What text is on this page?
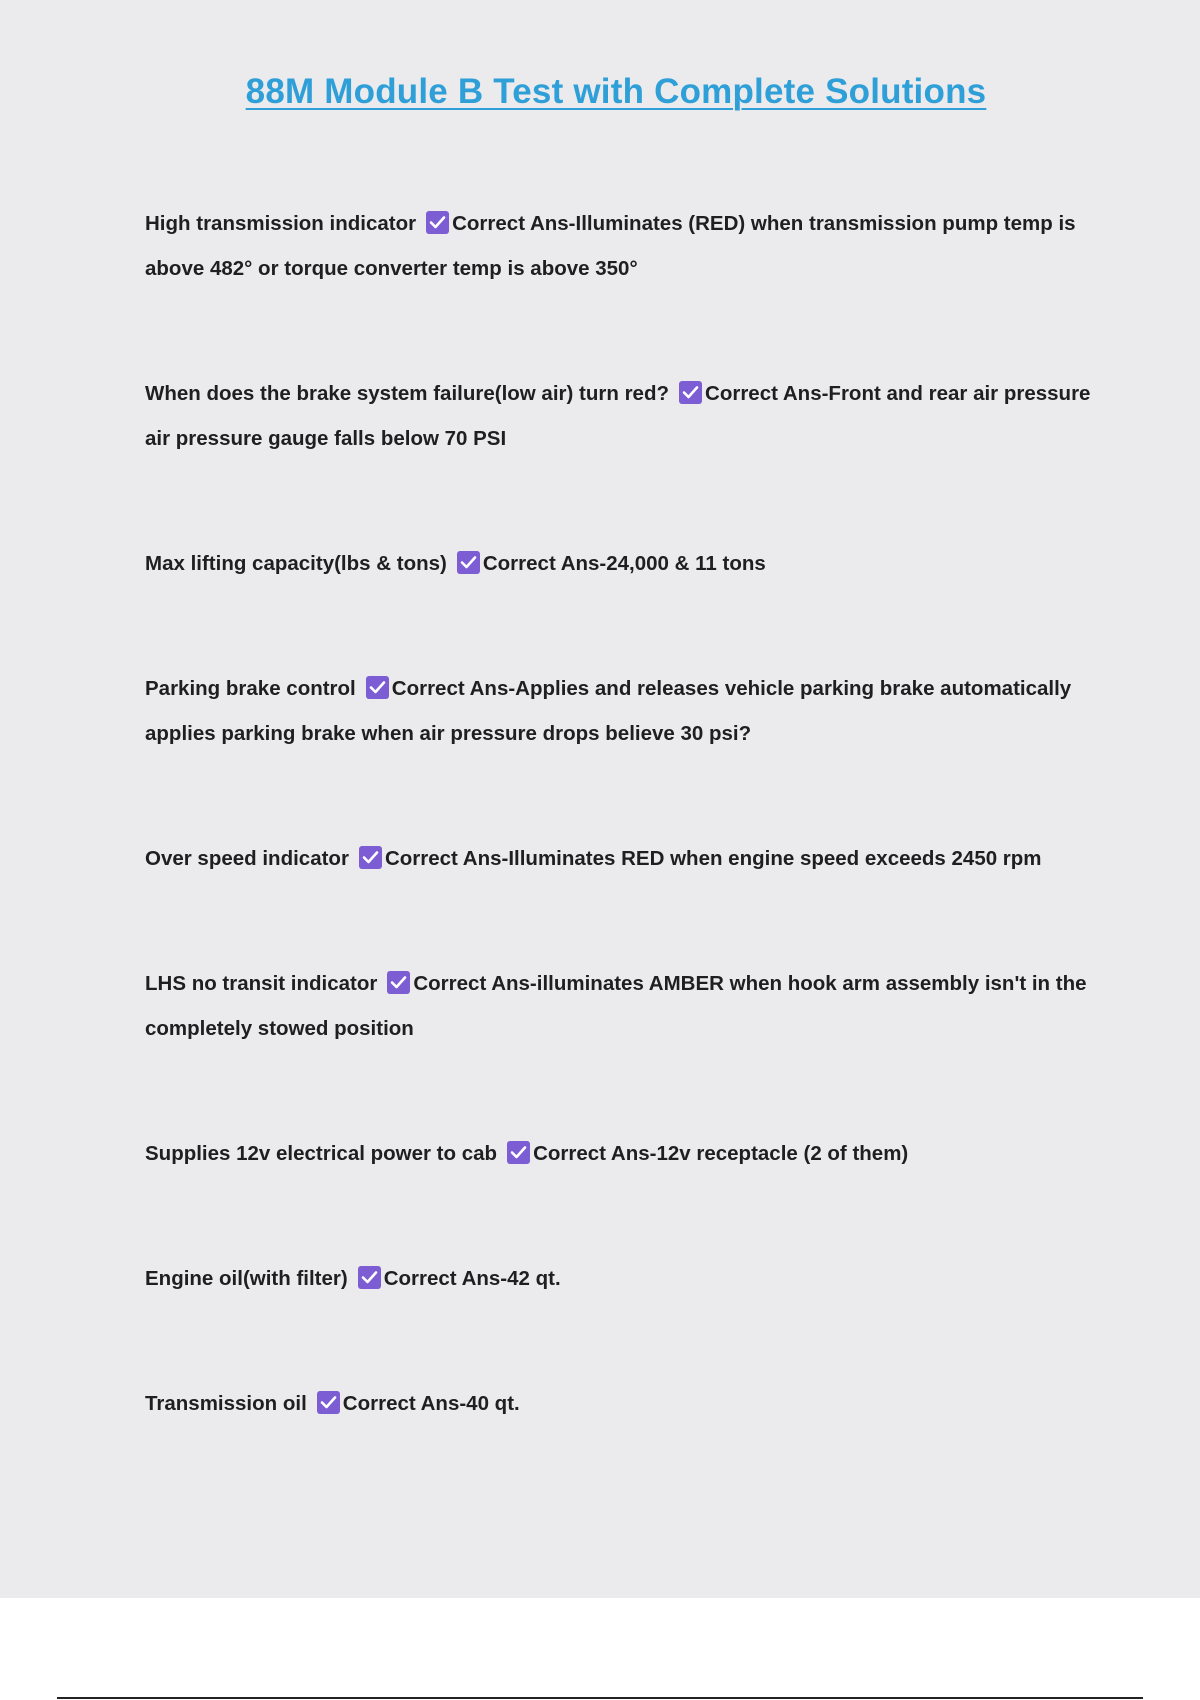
88M Module B Test with Complete Solutions

High transmission indicator Correct Ans-Illuminates (RED) when transmission pump temp is above 482° or torque converter temp is above 350°

When does the brake system failure(low air) turn red? Correct Ans-Front and rear air pressure air pressure gauge falls below 70 PSI

Max lifting capacity(lbs & tons) Correct Ans-24,000 & 11 tons

Parking brake control Correct Ans-Applies and releases vehicle parking brake automatically applies parking brake when air pressure drops believe 30 psi?

Over speed indicator Correct Ans-Illuminates RED when engine speed exceeds 2450 rpm

LHS no transit indicator Correct Ans-illuminates AMBER when hook arm assembly isn't in the completely stowed position

Supplies 12v electrical power to cab Correct Ans-12v receptacle (2 of them)

Engine oil(with filter) Correct Ans-42 qt.

Transmission oil Correct Ans-40 qt.
